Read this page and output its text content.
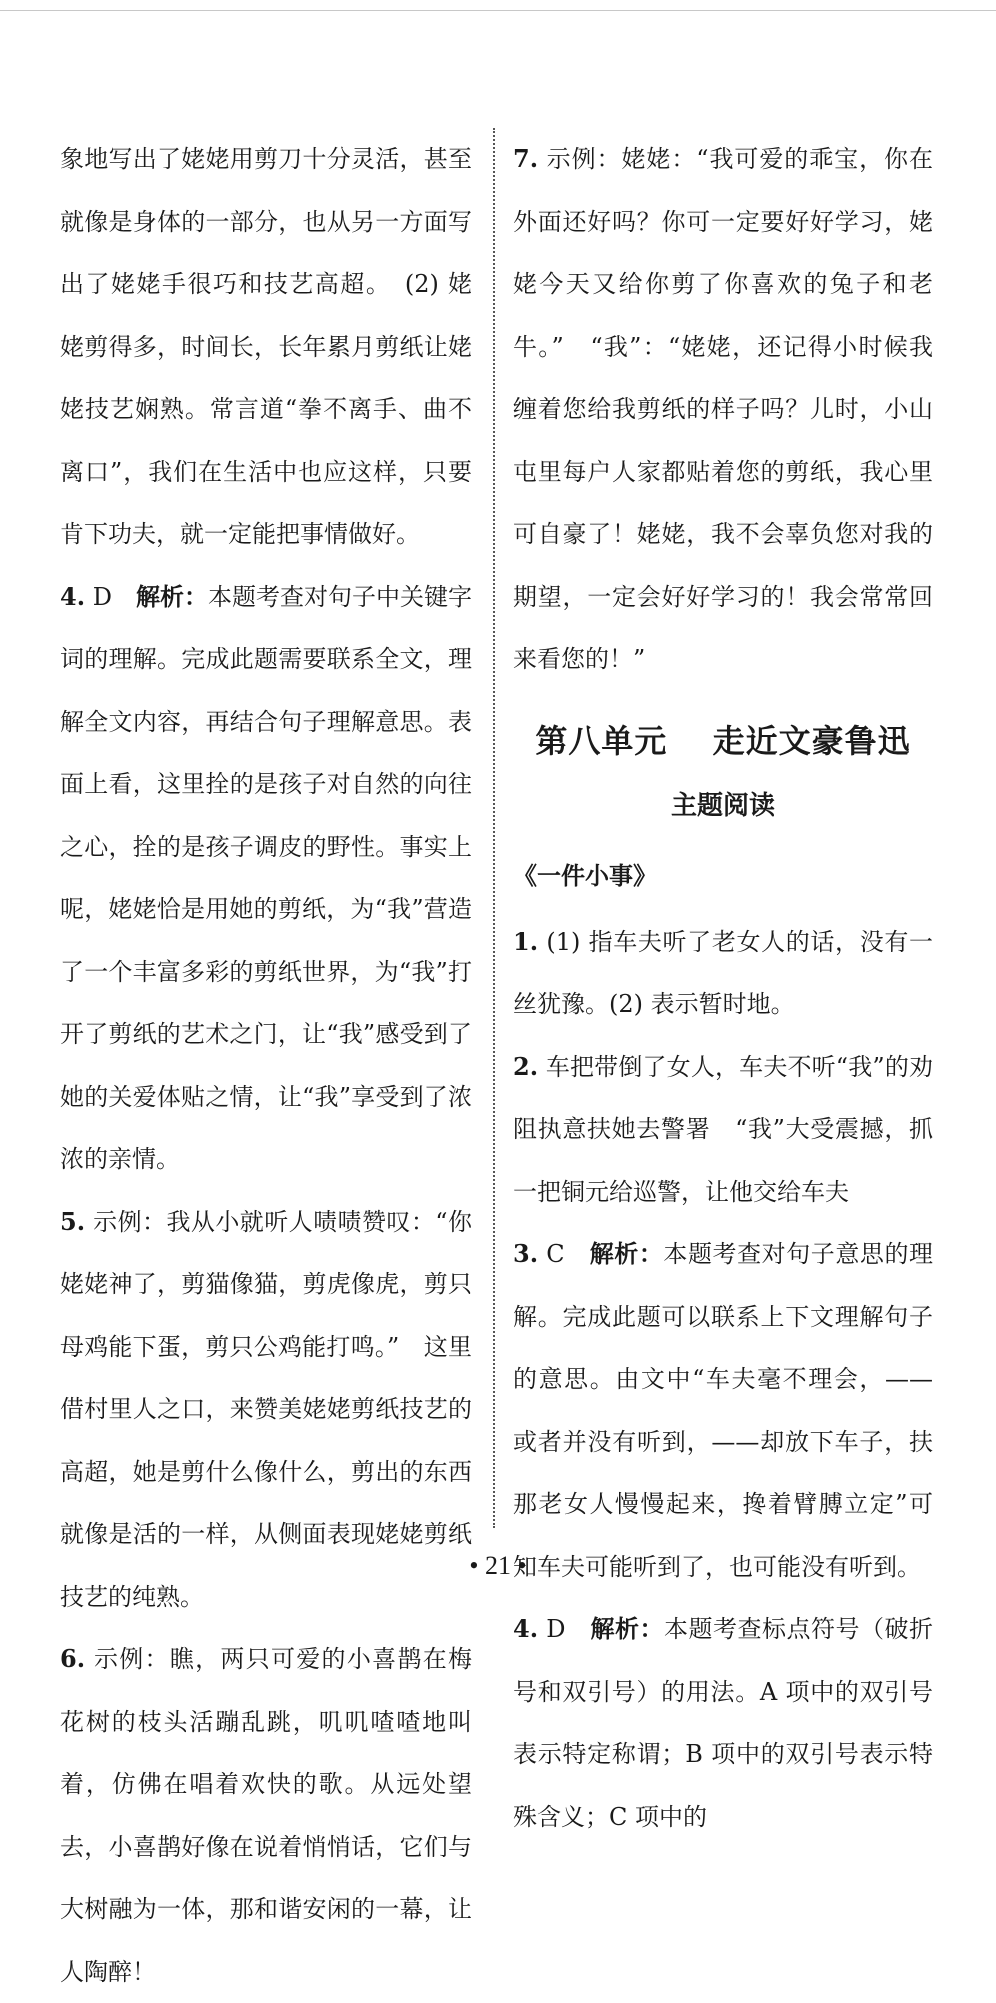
象地写出了姥姥用剪刀十分灵活，甚至就像是身体的一部分，也从另一方面写出了姥姥手很巧和技艺高超。　(2) 姥姥剪得多，时间长，长年累月剪纸让姥姥技艺娴熟。常言道“拳不离手、曲不离口”，我们在生活中也应这样，只要肯下功夫，就一定能把事情做好。

4. D　解析：本题考查对句子中关键字词的理解。完成此题需要联系全文，理解全文内容，再结合句子理解意思。表面上看，这里拴的是孩子对自然的向往之心，拴的是孩子调皮的野性。事实上呢，姥姥恰是用她的剪纸，为“我”营造了一个丰富多彩的剪纸世界，为“我”打开了剪纸的艺术之门，让“我”感受到了她的关爱体贴之情，让“我”享受到了浓浓的亲情。

5. 示例：我从小就听人啧啧赞叹：“你姥姥神了，剪猫像猫，剪虎像虎，剪只母鸡能下蛋，剪只公鸡能打鸣。”　这里借村里人之口，来赞美姥姥剪纸技艺的高超，她是剪什么像什么，剪出的东西就像是活的一样，从侧面表现姥姥剪纸技艺的纯熟。

6. 示例：瞧，两只可爱的小喜鹊在梅花树的枝头活蹦乱跳，叽叽喳喳地叫着，仿佛在唱着欢快的歌。从远处望去，小喜鹊好像在说着悄悄话，它们与大树融为一体，那和谐安闲的一幕，让人陶醉！

7. 示例：姥姥：“我可爱的乖宝，你在外面还好吗？你可一定要好好学习，姥姥今天又给你剪了你喜欢的兔子和老牛。”　“我”：“姥姥，还记得小时候我缠着您给我剪纸的样子吗？儿时，小山屯里每户人家都贴着您的剪纸，我心里可自豪了！姥姥，我不会辜负您对我的期望，一定会好好学习的！我会常常回来看您的！”

第八单元　 走近文豪鲁迅
主题阅读
《一件小事》

1. (1) 指车夫听了老女人的话，没有一丝犹豫。(2) 表示暂时地。

2. 车把带倒了女人，车夫不听“我”的劝阻执意扶她去警署　“我”大受震撼，抓一把铜元给巡警，让他交给车夫

3. C　解析：本题考查对句子意思的理解。完成此题可以联系上下文理解句子的意思。由文中“车夫毫不理会，——或者并没有听到，——却放下车子，扶那老女人慢慢起来，搀着臂膊立定”可知车夫可能听到了，也可能没有听到。

4. D　解析：本题考查标点符号（破折号和双引号）的用法。A 项中的双引号表示特定称谓；B 项中的双引号表示特殊含义；C 项中的

• 21 •
